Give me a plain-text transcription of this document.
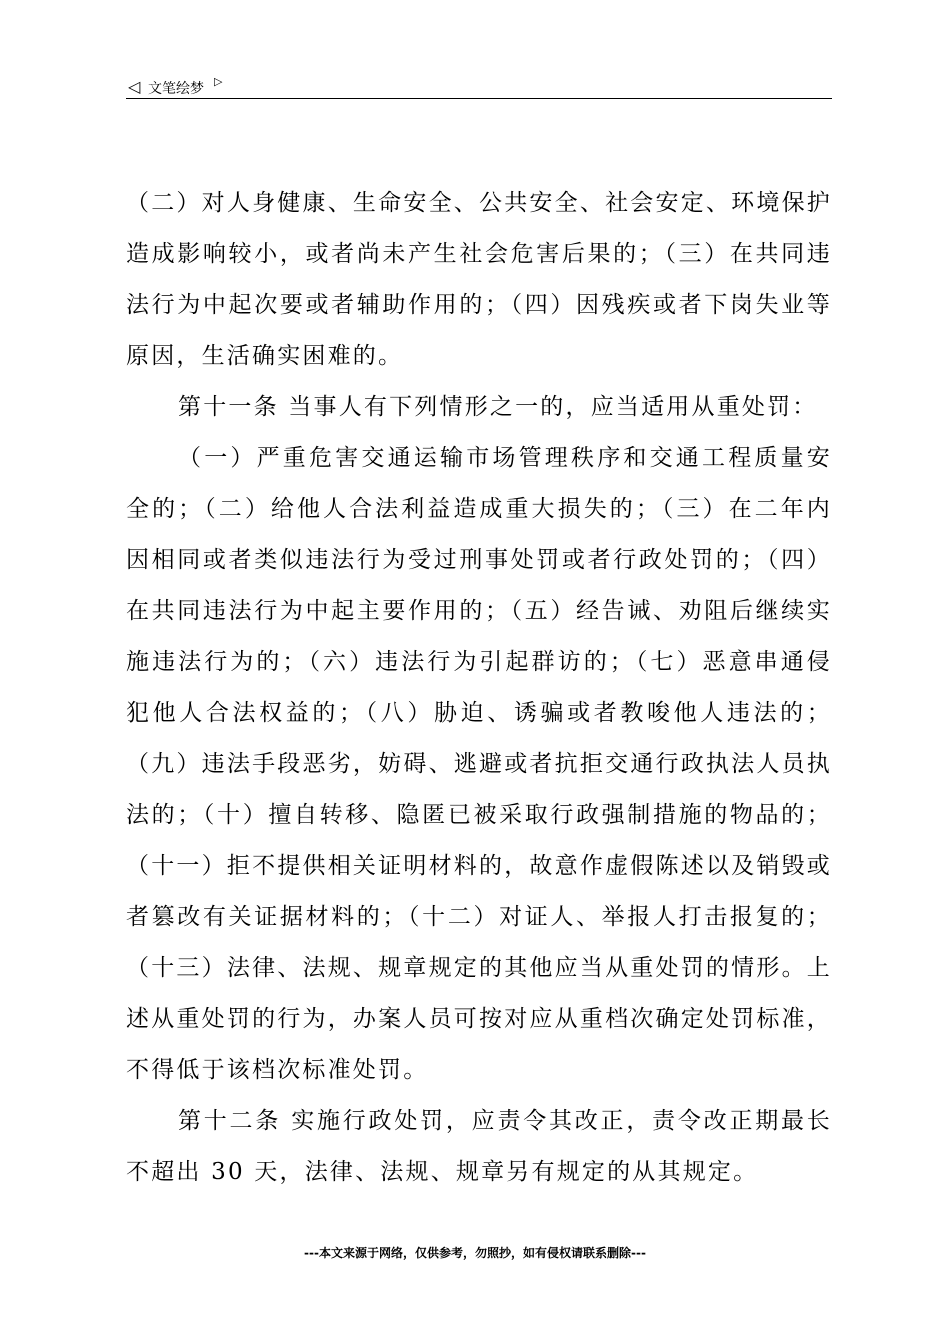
◁ 文笔绘梦 ▷

（二）对人身健康、生命安全、公共安全、社会安定、环境保护造成影响较小，或者尚未产生社会危害后果的；（三）在共同违法行为中起次要或者辅助作用的；（四）因残疾或者下岗失业等原因，生活确实困难的。

第十一条 当事人有下列情形之一的，应当适用从重处罚：

（一）严重危害交通运输市场管理秩序和交通工程质量安全的；（二）给他人合法利益造成重大损失的；（三）在二年内因相同或者类似违法行为受过刑事处罚或者行政处罚的；（四）在共同违法行为中起主要作用的；（五）经告诫、劝阻后继续实施违法行为的；（六）违法行为引起群访的；（七）恶意串通侵犯他人合法权益的；（八）胁迫、诱骗或者教唆他人违法的；（九）违法手段恶劣，妨碍、逃避或者抗拒交通行政执法人员执法的；（十）擅自转移、隐匿已被采取行政强制措施的物品的；（十一）拒不提供相关证明材料的，故意作虚假陈述以及销毁或者篡改有关证据材料的；（十二）对证人、举报人打击报复的；（十三）法律、法规、规章规定的其他应当从重处罚的情形。上述从重处罚的行为，办案人员可按对应从重档次确定处罚标准，不得低于该档次标准处罚。

第十二条 实施行政处罚，应责令其改正，责令改正期最长不超出 30 天，法律、法规、规章另有规定的从其规定。

---本文来源于网络，仅供参考，勿照抄，如有侵权请联系删除---
